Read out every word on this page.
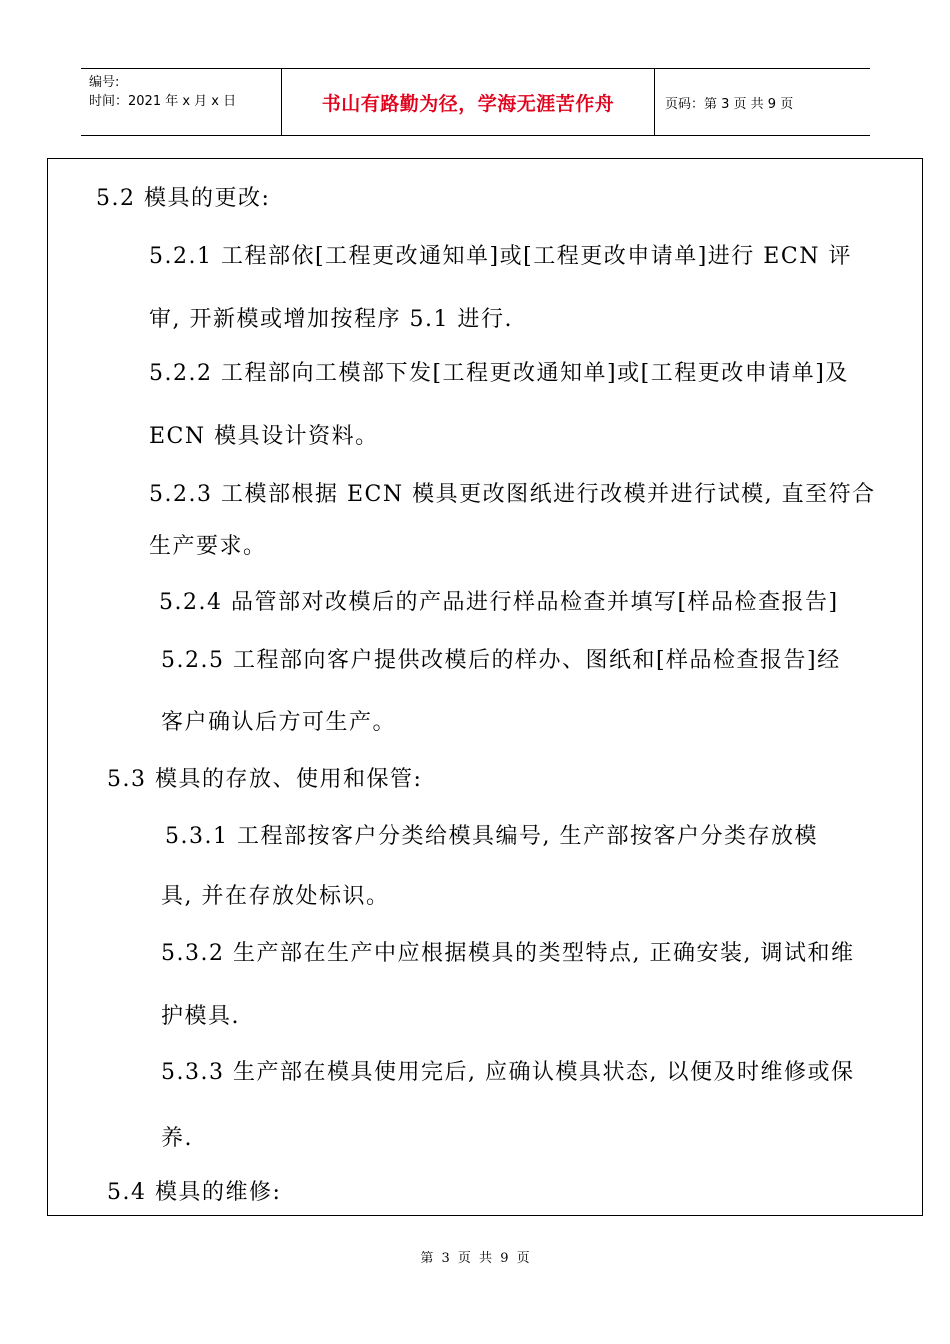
编号:
时间：2021 年 x 月 x 日	书山有路勤为径，学海无涯苦作舟	页码：第 3 页 共 9 页
5.2 模具的更改:
5.2.1 工程部依[工程更改通知单]或[工程更改申请单]进行 ECN 评
审, 开新模或增加按程序 5.1 进行.
5.2.2 工程部向工模部下发[工程更改通知单]或[工程更改申请单]及
ECN 模具设计资料。
5.2.3 工模部根据 ECN 模具更改图纸进行改模并进行试模, 直至符合
生产要求。
5.2.4 品管部对改模后的产品进行样品检查并填写[样品检查报告]
5.2.5 工程部向客户提供改模后的样办、图纸和[样品检查报告]经
客户确认后方可生产。
5.3 模具的存放、使用和保管:
5.3.1 工程部按客户分类给模具编号, 生产部按客户分类存放模
具, 并在存放处标识。
5.3.2 生产部在生产中应根据模具的类型特点, 正确安装, 调试和维
护模具.
5.3.3 生产部在模具使用完后, 应确认模具状态, 以便及时维修或保
养.
5.4 模具的维修:
第 3 页 共 9 页
